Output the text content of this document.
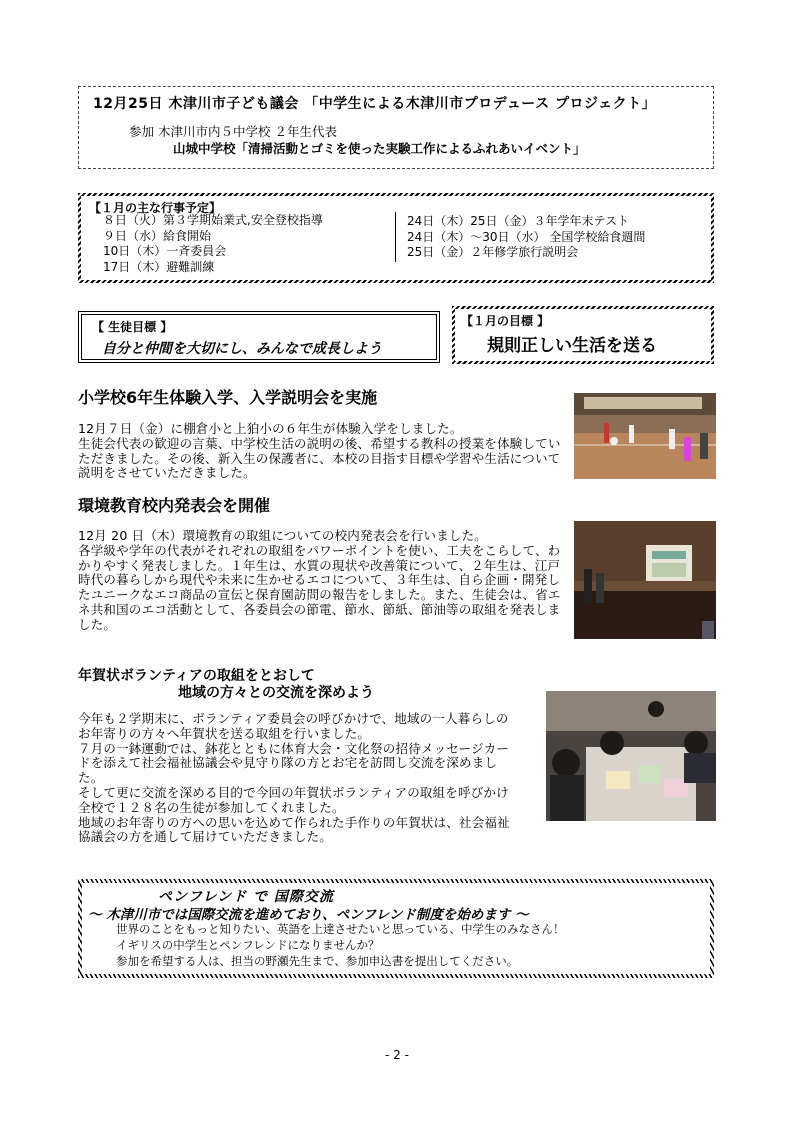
12月25日 木津川市子ども議会 「中学生による木津川市プロデュース プロジェクト」
参加 木津川市内５中学校 ２年生代表
山城中学校「清掃活動とゴミを使った実験工作によるふれあいイベント」
【１月の主な行事予定】
８日（火）第３学期始業式,安全登校指導
９日（水）給食開始
10日（木）一斉委員会
17日（木）避難訓練
24日（木）25日（金）３年学年末テスト
24日（木）～30日（水） 全国学校給食週間
25日（金）２年修学旅行説明会
【 生徒目標 】
自分と仲間を大切にし、みんなで成長しよう
【１月の目標 】
規則正しい生活を送る
小学校6年生体験入学、入学説明会を実施

12月７日（金）に棚倉小と上狛小の６年生が体験入学をしました。
生徒会代表の歓迎の言葉、中学校生活の説明の後、希望する教科の授業を体験していただきました。その後、新入生の保護者に、本校の目指す目標や学習や生活について説明をさせていただきました。

環境教育校内発表会を開催

12月 20 日（木）環境教育の取組についての校内発表会を行いました。
各学級や学年の代表がそれぞれの取組をパワーポイントを使い、工夫をこらして、わかりやすく発表しました。１年生は、水質の現状や改善策について、２年生は、江戸時代の暮らしから現代や未来に生かせるエコについて、３年生は、自ら企画・開発したユニークなエコ商品の宣伝と保育園訪問の報告をしました。また、生徒会は、省エネ共和国のエコ活動として、各委員会の節電、節水、節紙、節油等の取組を発表しました。

年賀状ボランティアの取組をとおして
地域の方々との交流を深めよう

今年も２学期末に、ボランティア委員会の呼びかけで、地域の一人暮らしのお年寄りの方々へ年賀状を送る取組を行いました。
７月の一鉢運動では、鉢花とともに体育大会・文化祭の招待メッセージカードを添えて社会福祉協議会や見守り隊の方とお宅を訪問し交流を深めました。
そして更に交流を深める目的で今回の年賀状ボランティアの取組を呼びかけ全校で１２８名の生徒が参加してくれました。
地域のお年寄りの方への思いを込めて作られた手作りの年賀状は、社会福祉協議会の方を通して届けていただきました。

ペンフレンド で 国際交流
～ 木津川市では国際交流を進めており、ペンフレンド制度を始めます ～
世界のことをもっと知りたい、英語を上達させたいと思っている、中学生のみなさん！
イギリスの中学生とペンフレンドになりませんか？
参加を希望する人は、担当の野瀬先生まで、参加申込書を提出してください。
- 2 -
